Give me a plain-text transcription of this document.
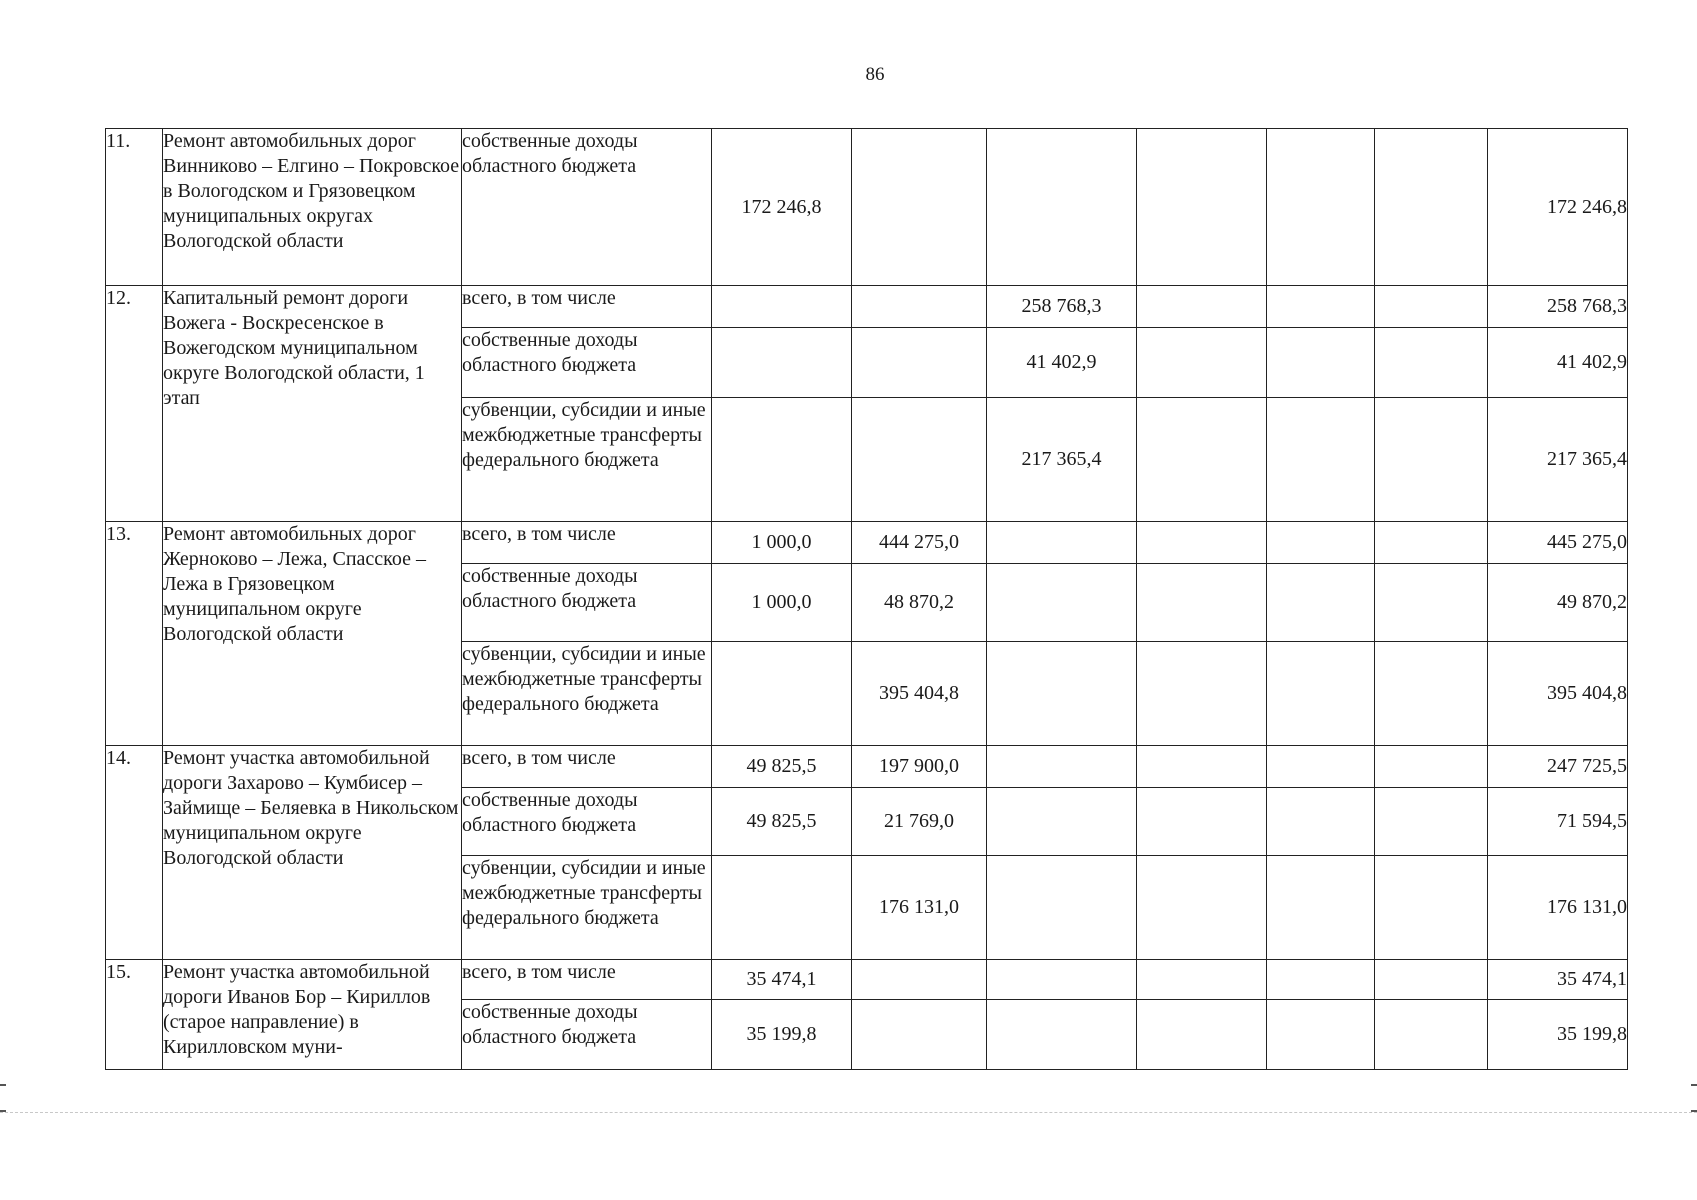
86
11.	Ремонт автомобильных дорог Винниково – Елгино – Покровское в Вологодском и Грязовецком муниципальных округах Вологодской области	собственные доходы областного бюджета	172 246,8						172 246,8
12.	Капитальный ремонт дороги Вожега - Воскресенское в Вожегодском муниципальном округе Вологодской области, 1 этап	всего, в том числе			258 768,3				258 768,3
		собственные доходы областного бюджета			41 402,9				41 402,9
		субвенции, субсидии и иные межбюджетные трансферты федерального бюджета			217 365,4				217 365,4
13.	Ремонт автомобильных дорог Жерноково – Лежа, Спасское – Лежа в Грязовецком муниципальном округе Вологодской области	всего, в том числе	1 000,0	444 275,0					445 275,0
		собственные доходы областного бюджета	1 000,0	48 870,2					49 870,2
		субвенции, субсидии и иные межбюджетные трансферты федерального бюджета		395 404,8					395 404,8
14.	Ремонт участка автомобильной дороги Захарово – Кумбисер – Займище – Беляевка в Никольском муниципальном округе Вологодской области	всего, в том числе	49 825,5	197 900,0					247 725,5
		собственные доходы областного бюджета	49 825,5	21 769,0					71 594,5
		субвенции, субсидии и иные межбюджетные трансферты федерального бюджета		176 131,0					176 131,0
15.	Ремонт участка автомобильной дороги Иванов Бор – Кириллов (старое направление) в Кирилловском муни-	всего, в том числе	35 474,1						35 474,1
		собственные доходы областного бюджета	35 199,8						35 199,8
